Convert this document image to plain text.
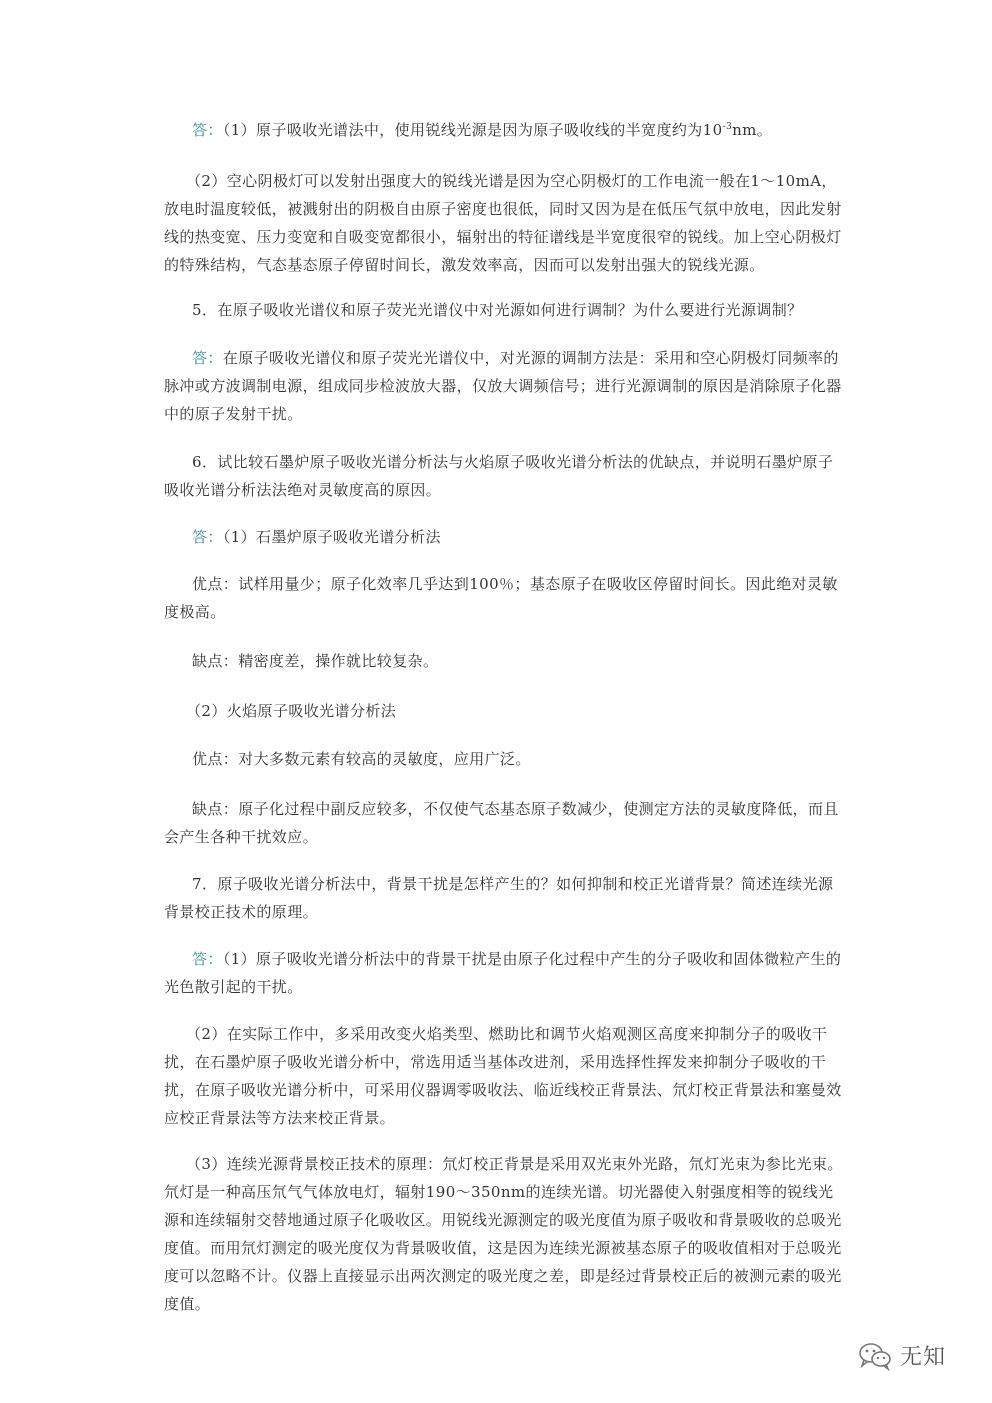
答：（1）原子吸收光谱法中，使用锐线光源是因为原子吸收线的半宽度约为$10^{-3}nm$。

（2）空心阴极灯可以发射出强度大的锐线光谱是因为空心阴极灯的工作电流一般在1～10mA，放电时温度较低，被溅射出的阴极自由原子密度也很低，同时又因为是在低压气氛中放电，因此发射线的热变宽、压力变宽和自吸变宽都很小，辐射出的特征谱线是半宽度很窄的锐线。加上空心阴极灯的特殊结构，气态基态原子停留时间长，激发效率高，因而可以发射出强大的锐线光源。

5．在原子吸收光谱仪和原子荧光光谱仪中对光源如何进行调制？为什么要进行光源调制？

答：在原子吸收光谱仪和原子荧光光谱仪中，对光源的调制方法是：采用和空心阴极灯同频率的脉冲或方波调制电源，组成同步检波放大器，仅放大调频信号；进行光源调制的原因是消除原子化器中的原子发射干扰。

6．试比较石墨炉原子吸收光谱分析法与火焰原子吸收光谱分析法的优缺点，并说明石墨炉原子吸收光谱分析法法绝对灵敏度高的原因。

答：（1）石墨炉原子吸收光谱分析法

优点：试样用量少；原子化效率几乎达到100％；基态原子在吸收区停留时间长。因此绝对灵敏度极高。

缺点：精密度差，操作就比较复杂。

（2）火焰原子吸收光谱分析法

优点：对大多数元素有较高的灵敏度，应用广泛。

缺点：原子化过程中副反应较多，不仅使气态基态原子数减少，使测定方法的灵敏度降低，而且会产生各种干扰效应。

7．原子吸收光谱分析法中，背景干扰是怎样产生的？如何抑制和校正光谱背景？简述连续光源背景校正技术的原理。

答：（1）原子吸收光谱分析法中的背景干扰是由原子化过程中产生的分子吸收和固体微粒产生的光色散引起的干扰。

（2）在实际工作中，多采用改变火焰类型、燃助比和调节火焰观测区高度来抑制分子的吸收干扰，在石墨炉原子吸收光谱分析中，常选用适当基体改进剂，采用选择性挥发来抑制分子吸收的干扰，在原子吸收光谱分析中，可采用仪器调零吸收法、临近线校正背景法、氘灯校正背景法和塞曼效应校正背景法等方法来校正背景。

（3）连续光源背景校正技术的原理：氘灯校正背景是采用双光束外光路，氘灯光束为参比光束。氘灯是一种高压氘气气体放电灯，辐射190～350nm的连续光谱。切光器使入射强度相等的锐线光源和连续辐射交替地通过原子化吸收区。用锐线光源测定的吸光度值为原子吸收和背景吸收的总吸光度值。而用氘灯测定的吸光度仅为背景吸收值，这是因为连续光源被基态原子的吸收值相对于总吸光度可以忽略不计。仪器上直接显示出两次测定的吸光度之差，即是经过背景校正后的被测元素的吸光度值。

无知
